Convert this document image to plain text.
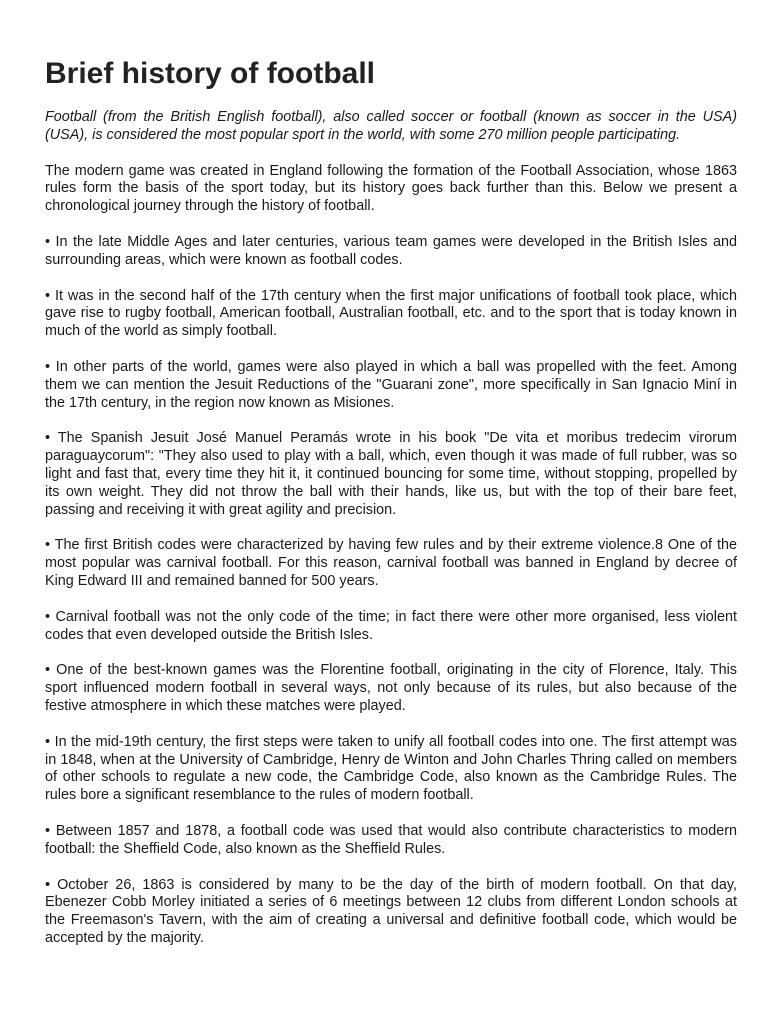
Brief history of football

Football (from the British English football), also called soccer or football (known as soccer in the USA) (USA), is considered the most popular sport in the world, with some 270 million people participating.

The modern game was created in England following the formation of the Football Association, whose 1863 rules form the basis of the sport today, but its history goes back further than this. Below we present a chronological journey through the history of football.

• In the late Middle Ages and later centuries, various team games were developed in the British Isles and surrounding areas, which were known as football codes.

• It was in the second half of the 17th century when the first major unifications of football took place, which gave rise to rugby football, American football, Australian football, etc. and to the sport that is today known in much of the world as simply football.

• In other parts of the world, games were also played in which a ball was propelled with the feet. Among them we can mention the Jesuit Reductions of the "Guarani zone", more specifically in San Ignacio Miní in the 17th century, in the region now known as Misiones.

• The Spanish Jesuit José Manuel Peramás wrote in his book "De vita et moribus tredecim virorum paraguaycorum": "They also used to play with a ball, which, even though it was made of full rubber, was so light and fast that, every time they hit it, it continued bouncing for some time, without stopping, propelled by its own weight. They did not throw the ball with their hands, like us, but with the top of their bare feet, passing and receiving it with great agility and precision.

• The first British codes were characterized by having few rules and by their extreme violence.8 One of the most popular was carnival football. For this reason, carnival football was banned in England by decree of King Edward III and remained banned for 500 years.

• Carnival football was not the only code of the time; in fact there were other more organised, less violent codes that even developed outside the British Isles.

• One of the best-known games was the Florentine football, originating in the city of Florence, Italy. This sport influenced modern football in several ways, not only because of its rules, but also because of the festive atmosphere in which these matches were played.

• In the mid-19th century, the first steps were taken to unify all football codes into one. The first attempt was in 1848, when at the University of Cambridge, Henry de Winton and John Charles Thring called on members of other schools to regulate a new code, the Cambridge Code, also known as the Cambridge Rules. The rules bore a significant resemblance to the rules of modern football.

• Between 1857 and 1878, a football code was used that would also contribute characteristics to modern football: the Sheffield Code, also known as the Sheffield Rules.

• October 26, 1863 is considered by many to be the day of the birth of modern football. On that day, Ebenezer Cobb Morley initiated a series of 6 meetings between 12 clubs from different London schools at the Freemason's Tavern, with the aim of creating a universal and definitive football code, which would be accepted by the majority.
